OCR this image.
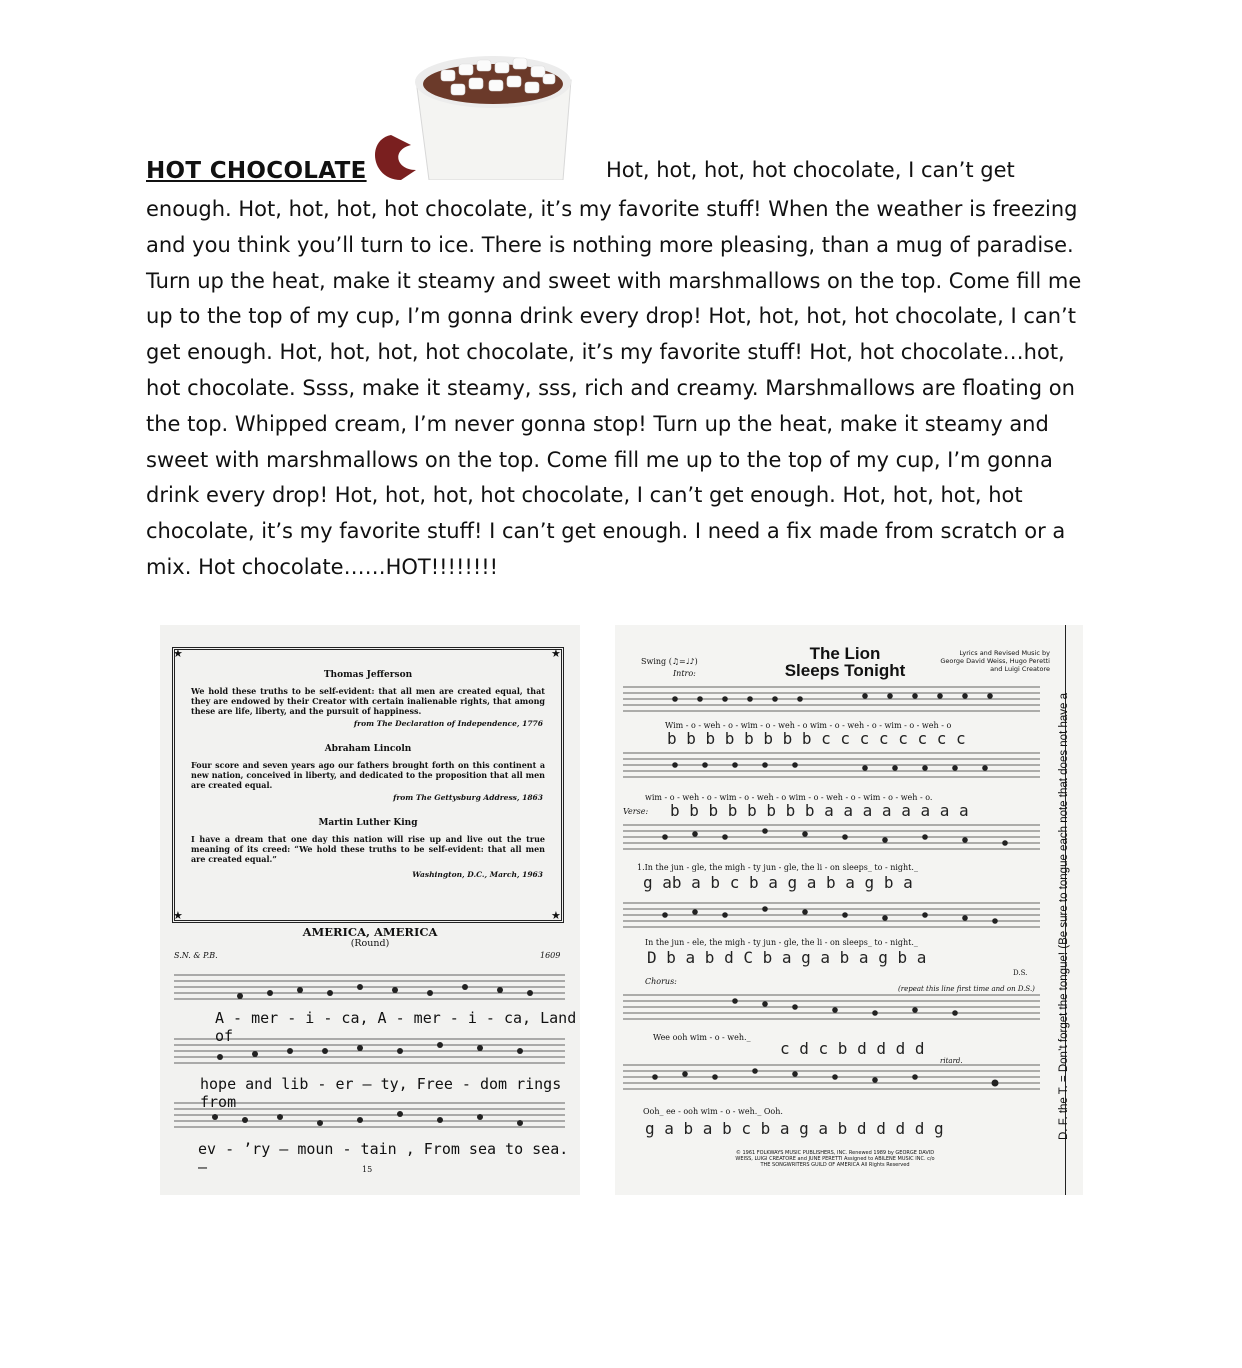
HOT CHOCOLATE	Hot, hot, hot, hot chocolate, I can’t get
enough. Hot, hot, hot, hot chocolate, it’s my favorite stuff! When the weather is freezing and you think you’ll turn to ice. There is nothing more pleasing, than a mug of paradise. Turn up the heat, make it steamy and sweet with marshmallows on the top. Come fill me up to the top of my cup, I’m gonna drink every drop! Hot, hot, hot, hot chocolate, I can’t get enough. Hot, hot, hot, hot chocolate, it’s my favorite stuff! Hot, hot chocolate…hot, hot chocolate. Ssss, make it steamy, sss, rich and creamy. Marshmallows are floating on the top. Whipped cream, I’m never gonna stop! Turn up the heat, make it steamy and sweet with marshmallows on the top. Come fill me up to the top of my cup, I’m gonna drink every drop! Hot, hot, hot, hot chocolate, I can’t get enough. Hot, hot, hot, hot chocolate, it’s my favorite stuff! I can’t get enough. I need a fix made from scratch or a mix. Hot chocolate……HOT!!!!!!!!
★	★
★	★
Thomas Jefferson
We hold these truths to be self-evident: that all men are created equal, that they are endowed by their Creator with certain inalienable rights, that among these are life, liberty, and the pursuit of happiness.
from The Declaration of Independence, 1776
Abraham Lincoln
Four score and seven years ago our fathers brought forth on this continent a new nation, conceived in liberty, and dedicated to the proposition that all men are created equal.
from The Gettysburg Address, 1863
Martin Luther King
I have a dream that one day this nation will rise up and live out the true meaning of its creed: “We hold these truths to be self-evident: that all men are created equal.”
Washington, D.C., March, 1963
AMERICA, AMERICA
(Round)
S.N. & P.B.	1609
A - mer - i - ca, A - mer - i - ca, Land of
hope and lib - er — ty, Free - dom rings from
ev - ’ry — moun - tain , From sea to sea. —	15
Swing (♫=♩♪)
Intro:
The Lion
Sleeps Tonight
Lyrics and Revised Music by George David Weiss, Hugo Peretti and Luigi Creatore
Wim - o - weh - o - wim - o - weh - o wim - o - weh - o - wim - o - weh - o
b b b b b b b b c c c c c c c c
wim - o - weh - o - wim - o - weh - o wim - o - weh - o - wim - o - weh - o.
Verse: b b b b b b b b a a a a a a a a
1.In the jun - gle, the migh - ty jun - gle, the li - on sleeps_ to - night._
g ab a b c b a g a b a g b a
In the jun - ele, the migh - ty jun - gle, the li - on sleeps_ to - night._
D b a b d C b a g a b a g b a
D.S.
Chorus:
(repeat this line first time and on D.S.)
Wee ooh wim - o - weh._
c d c b d d d d
ritard.
Ooh_ ee - ooh wim - o - weh._ Ooh.
g a b a b c b a g a b d d d d g
© 1961 FOLKWAYS MUSIC PUBLISHERS, INC. Renewed 1989 by GEORGE DAVID WEISS, LUIGI CREATORE and JUNE PERETTI Assigned to ABILENE MUSIC INC. c/o THE SONGWRITERS GUILD OF AMERICA All Rights Reserved
D. F. the T. = Don’t forget the tongue! (Be sure to tongue each note that does not have a
